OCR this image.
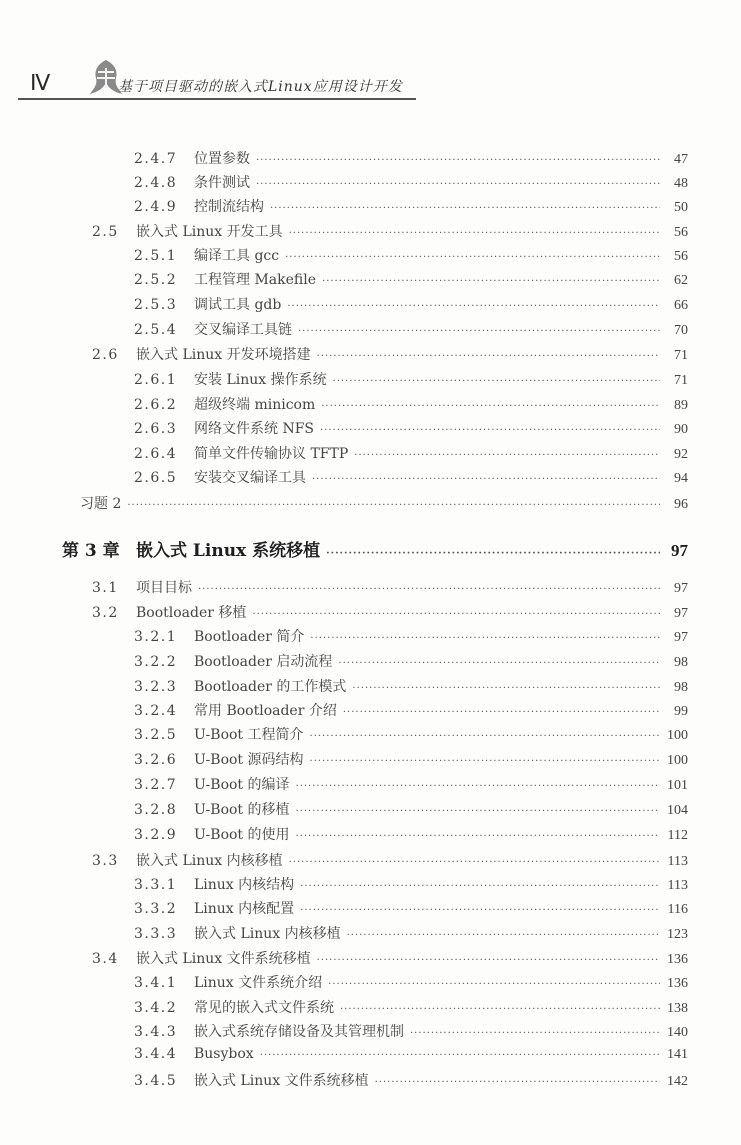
Ⅳ	基于项目驱动的嵌入式Linux应用设计开发
2.4.7	位置参数 ·····	47
2.4.8	条件测试 ·····	48
2.4.9	控制流结构 ·····	50
2.5	嵌入式 Linux 开发工具 ·····	56
2.5.1	编译工具 gcc ·····	56
2.5.2	工程管理 Makefile ·····	62
2.5.3	调试工具 gdb ·····	66
2.5.4	交叉编译工具链 ·····	70
2.6	嵌入式 Linux 开发环境搭建 ·····	71
2.6.1	安装 Linux 操作系统 ·····	71
2.6.2	超级终端 minicom ·····	89
2.6.3	网络文件系统 NFS ·····	90
2.6.4	简单文件传输协议 TFTP ·····	92
2.6.5	安装交叉编译工具 ·····	94
习题 2 ·····	96
第 3 章 嵌入式 Linux 系统移植 ·····	97
3.1	项目目标 ·····	97
3.2	Bootloader 移植 ·····	97
3.2.1	Bootloader 简介 ·····	97
3.2.2	Bootloader 启动流程 ·····	98
3.2.3	Bootloader 的工作模式 ·····	98
3.2.4	常用 Bootloader 介绍 ·····	99
3.2.5	U-Boot 工程简介 ·····	100
3.2.6	U-Boot 源码结构 ·····	100
3.2.7	U-Boot 的编译 ·····	101
3.2.8	U-Boot 的移植 ·····	104
3.2.9	U-Boot 的使用 ·····	112
3.3	嵌入式 Linux 内核移植 ·····	113
3.3.1	Linux 内核结构 ·····	113
3.3.2	Linux 内核配置 ·····	116
3.3.3	嵌入式 Linux 内核移植 ·····	123
3.4	嵌入式 Linux 文件系统移植 ·····	136
3.4.1	Linux 文件系统介绍 ·····	136
3.4.2	常见的嵌入式文件系统 ·····	138
3.4.3	嵌入式系统存储设备及其管理机制 ·····	140
3.4.4	Busybox ·····	141
3.4.5	嵌入式 Linux 文件系统移植 ·····	142
